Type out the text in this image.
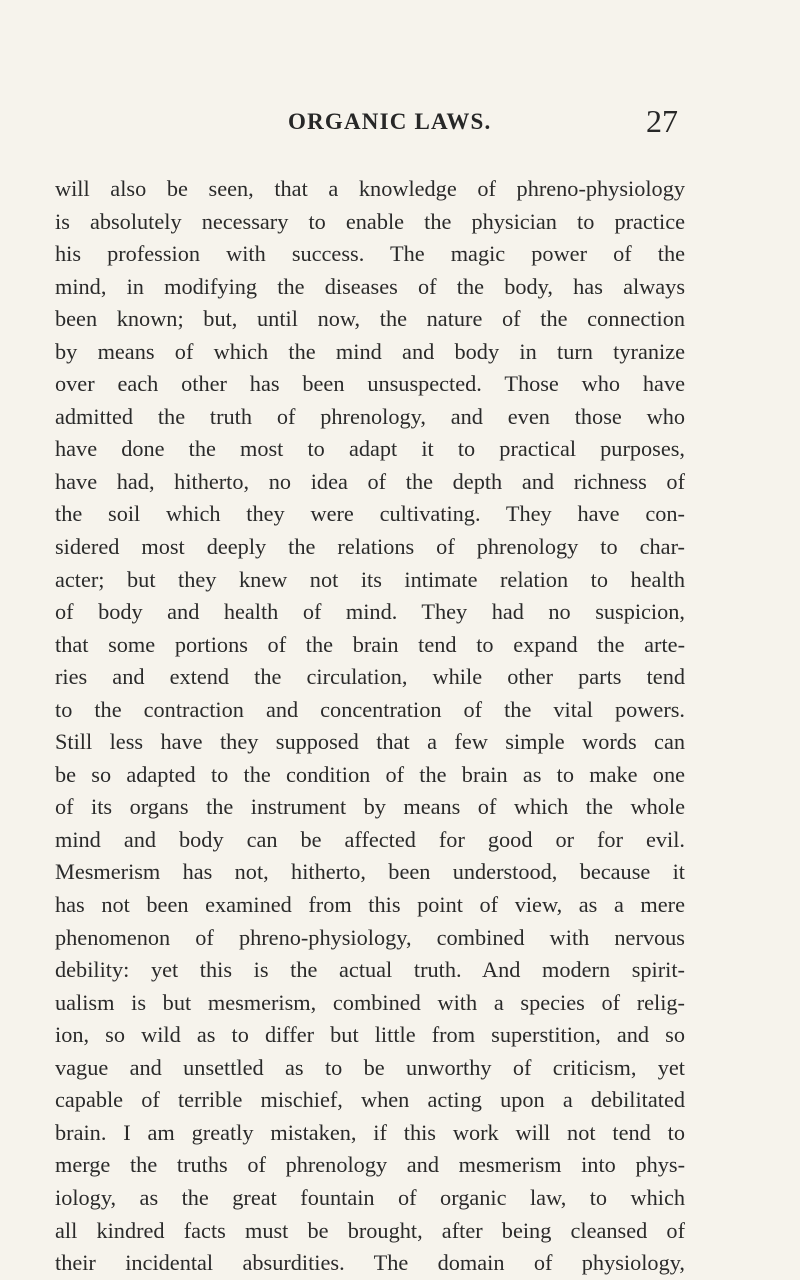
ORGANIC LAWS.	27
will also be seen, that a knowledge of phreno-physiology
is absolutely necessary to enable the physician to practice
his profession with success. The magic power of the
mind, in modifying the diseases of the body, has always
been known; but, until now, the nature of the connection
by means of which the mind and body in turn tyranize
over each other has been unsuspected. Those who have
admitted the truth of phrenology, and even those who
have done the most to adapt it to practical purposes,
have had, hitherto, no idea of the depth and richness of
the soil which they were cultivating. They have con-
sidered most deeply the relations of phrenology to char-
acter; but they knew not its intimate relation to health
of body and health of mind. They had no suspicion,
that some portions of the brain tend to expand the arte-
ries and extend the circulation, while other parts tend
to the contraction and concentration of the vital powers.
Still less have they supposed that a few simple words can
be so adapted to the condition of the brain as to make one
of its organs the instrument by means of which the whole
mind and body can be affected for good or for evil.
Mesmerism has not, hitherto, been understood, because it
has not been examined from this point of view, as a mere
phenomenon of phreno-physiology, combined with nervous
debility: yet this is the actual truth. And modern spirit-
ualism is but mesmerism, combined with a species of relig-
ion, so wild as to differ but little from superstition, and so
vague and unsettled as to be unworthy of criticism, yet
capable of terrible mischief, when acting upon a debilitated
brain. I am greatly mistaken, if this work will not tend to
merge the truths of phrenology and mesmerism into phys-
iology, as the great fountain of organic law, to which
all kindred facts must be brought, after being cleansed of
their incidental absurdities. The domain of physiology,
